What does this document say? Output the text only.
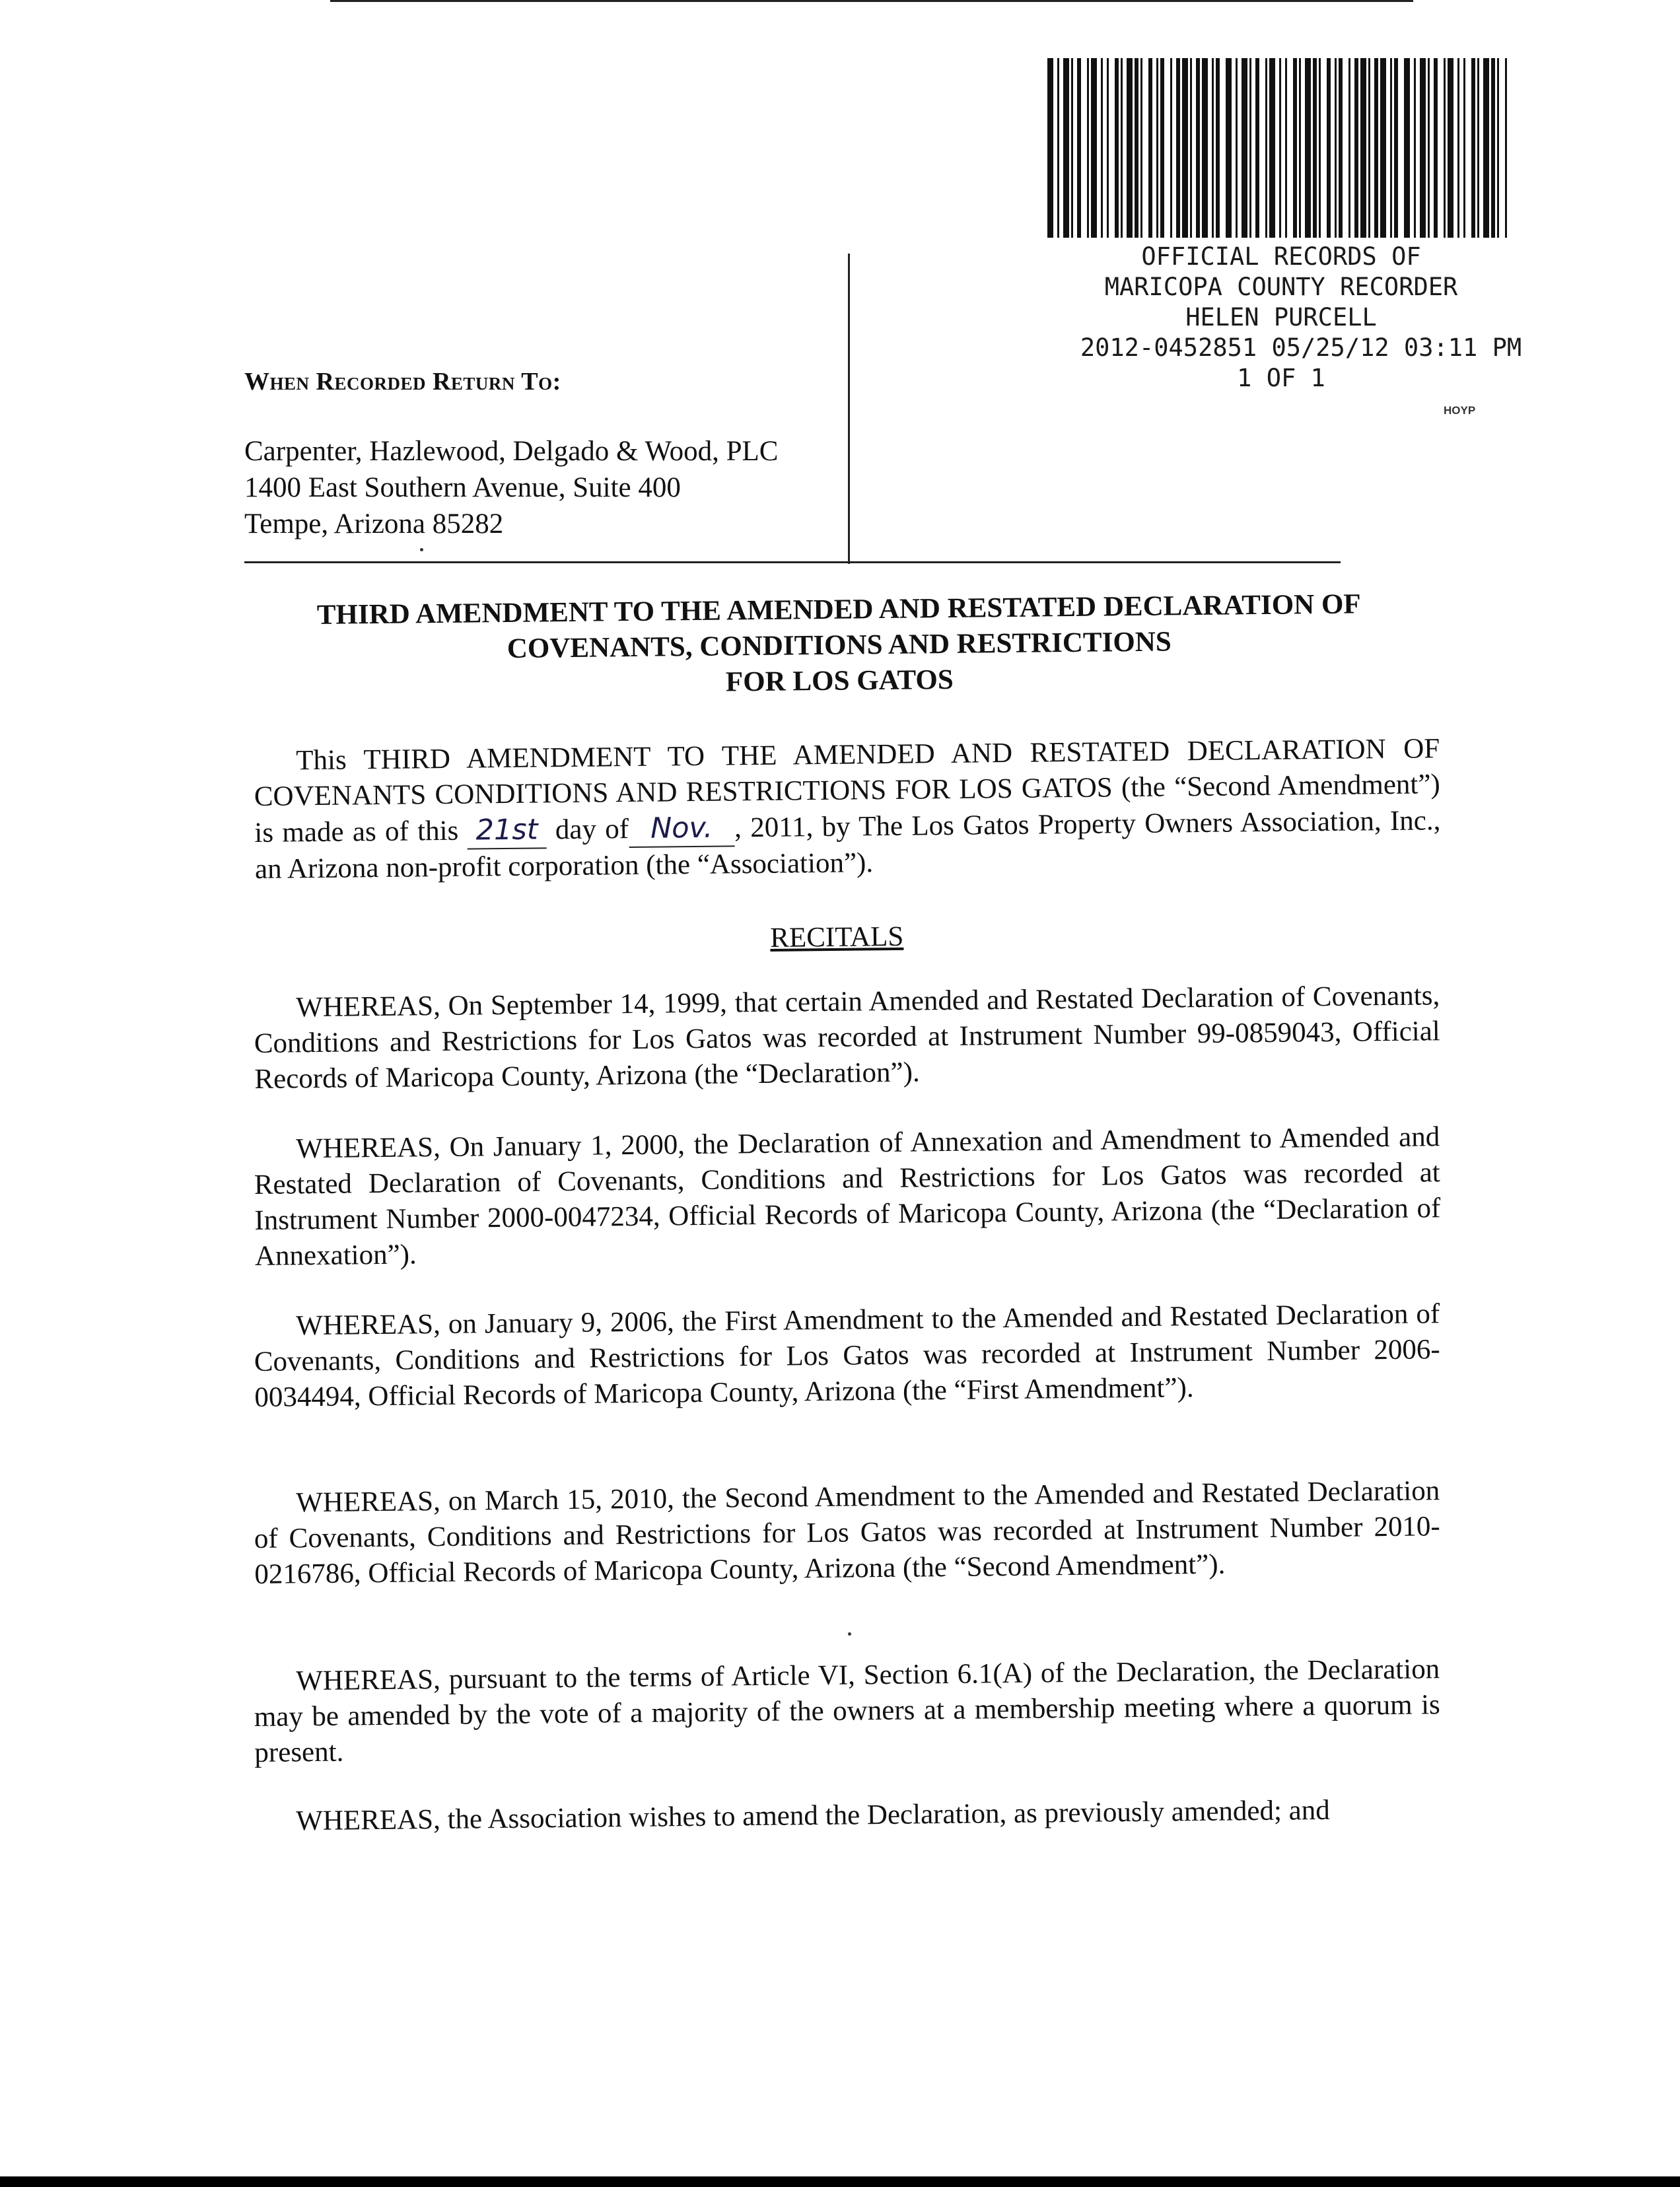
OFFICIAL RECORDS OF
MARICOPA COUNTY RECORDER
HELEN PURCELL
2012-0452851 05/25/12 03:11 PM
1 OF 1
HOYP
When Recorded Return To:
Carpenter, Hazlewood, Delgado & Wood, PLC
1400 East Southern Avenue, Suite 400
Tempe, Arizona 85282
THIRD AMENDMENT TO THE AMENDED AND RESTATED DECLARATION OF
COVENANTS, CONDITIONS AND RESTRICTIONS
FOR LOS GATOS
This THIRD AMENDMENT TO THE AMENDED AND RESTATED DECLARATION OF COVENANTS CONDITIONS AND RESTRICTIONS FOR LOS GATOS (the “Second Amendment”) is made as of this 21st day of Nov. , 2011, by The Los Gatos Property Owners Association, Inc., an Arizona non-profit corporation (the “Association”).
RECITALS
WHEREAS, On September 14, 1999, that certain Amended and Restated Declaration of Covenants, Conditions and Restrictions for Los Gatos was recorded at Instrument Number 99-0859043, Official Records of Maricopa County, Arizona (the “Declaration”).
WHEREAS, On January 1, 2000, the Declaration of Annexation and Amendment to Amended and Restated Declaration of Covenants, Conditions and Restrictions for Los Gatos was recorded at Instrument Number 2000-0047234, Official Records of Maricopa County, Arizona (the “Declaration of Annexation”).
WHEREAS, on January 9, 2006, the First Amendment to the Amended and Restated Declaration of Covenants, Conditions and Restrictions for Los Gatos was recorded at Instrument Number 2006-0034494, Official Records of Maricopa County, Arizona (the “First Amendment”).
WHEREAS, on March 15, 2010, the Second Amendment to the Amended and Restated Declaration of Covenants, Conditions and Restrictions for Los Gatos was recorded at Instrument Number 2010-0216786, Official Records of Maricopa County, Arizona (the “Second Amendment”).
WHEREAS, pursuant to the terms of Article VI, Section 6.1(A) of the Declaration, the Declaration may be amended by the vote of a majority of the owners at a membership meeting where a quorum is present.
WHEREAS, the Association wishes to amend the Declaration, as previously amended; and
